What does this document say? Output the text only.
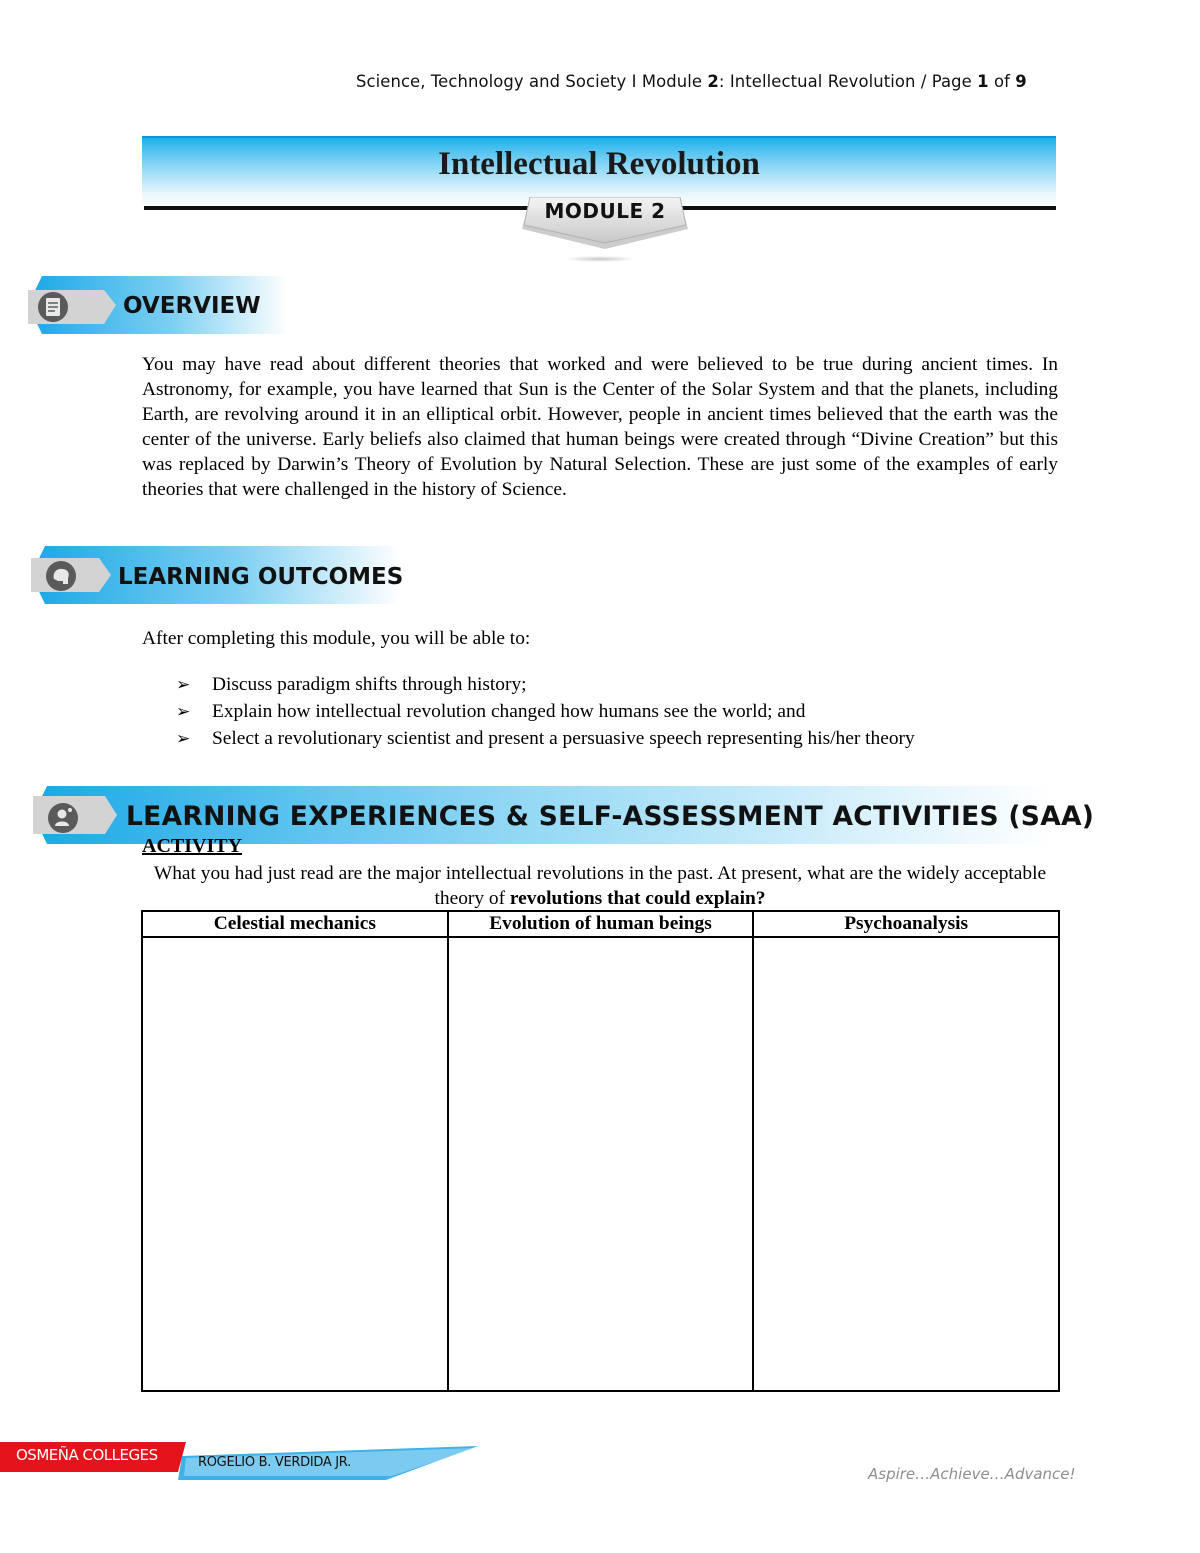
Science, Technology and Society I Module 2: Intellectual Revolution / Page 1 of 9
Intellectual Revolution
MODULE 2
OVERVIEW
You may have read about different theories that worked and were believed to be true during ancient times. In Astronomy, for example, you have learned that Sun is the Center of the Solar System and that the planets, including Earth, are revolving around it in an elliptical orbit. However, people in ancient times believed that the earth was the center of the universe. Early beliefs also claimed that human beings were created through “Divine Creation” but this was replaced by Darwin’s Theory of Evolution by Natural Selection. These are just some of the examples of early theories that were challenged in the history of Science.
LEARNING OUTCOMES
After completing this module, you will be able to:
➢ Discuss paradigm shifts through history;
➢ Explain how intellectual revolution changed how humans see the world; and
➢ Select a revolutionary scientist and present a persuasive speech representing his/her theory
LEARNING EXPERIENCES & SELF-ASSESSMENT ACTIVITIES (SAA)
ACTIVITY
What you had just read are the major intellectual revolutions in the past. At present, what are the widely acceptable theory of revolutions that could explain?
Celestial mechanics	Evolution of human beings	Psychoanalysis

OSMEÑA COLLEGES	ROGELIO B. VERDIDA JR.
Aspire…Achieve…Advance!
